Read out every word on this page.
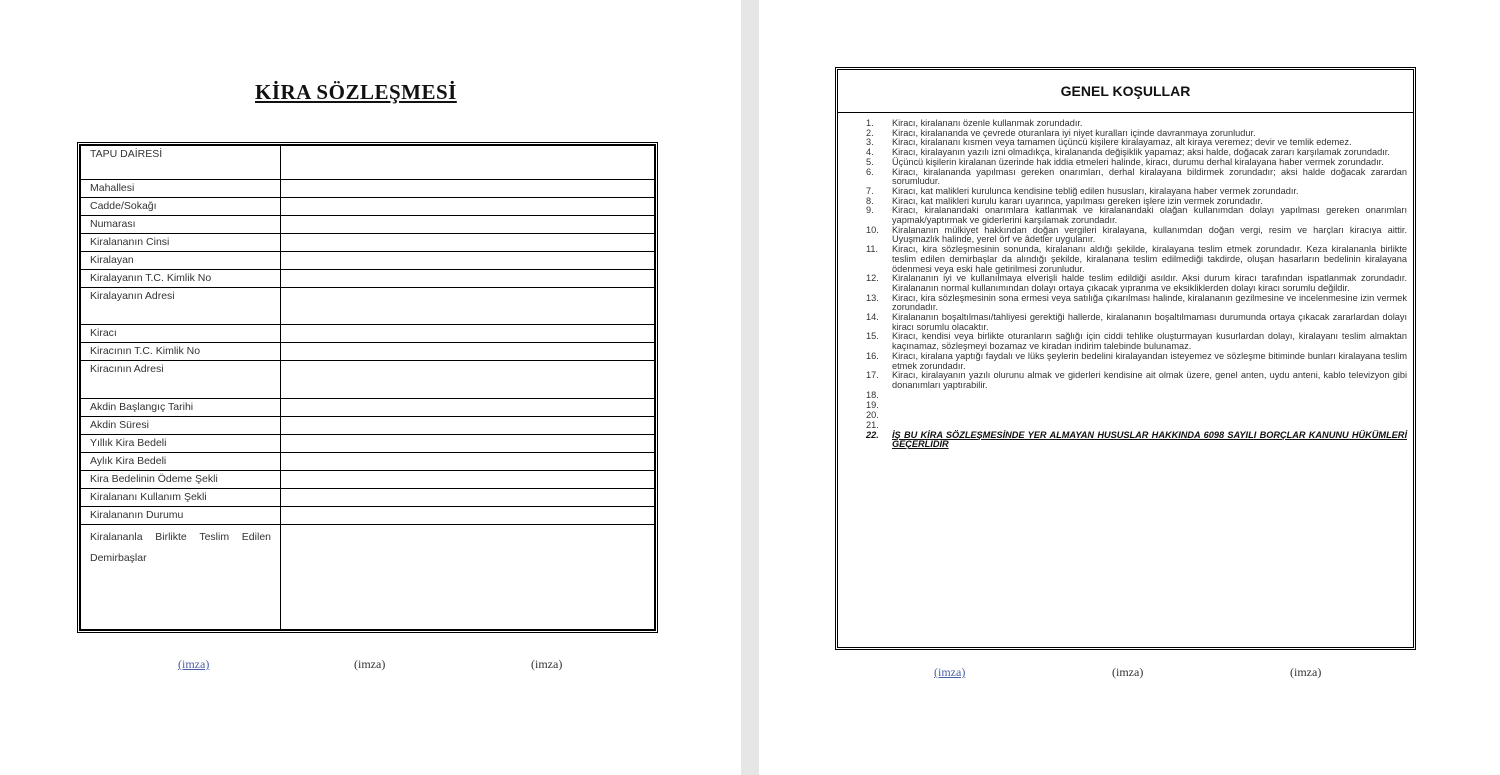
KİRA SÖZLEŞMESİ
TAPU DAİRESİ	
Mahallesi	
Cadde/Sokağı	
Numarası	
Kiralananın Cinsi	
Kiralayan	
Kiralayanın T.C. Kimlik No	
Kiralayanın Adresi	
Kiracı	
Kiracının T.C. Kimlik No	
Kiracının Adresi	
Akdin Başlangıç Tarihi	
Akdin Süresi	
Yıllık Kira Bedeli	
Aylık Kira Bedeli	
Kira Bedelinin Ödeme Şekli	
Kiralananı Kullanım Şekli	
Kiralananın Durumu	
Kiralananla Birlikte Teslim Edilen Demirbaşlar	
(imza)	(imza)	(imza)
GENEL KOŞULLAR
1. Kiracı, kiralananı özenle kullanmak zorundadır.
2. Kiracı, kiralananda ve çevrede oturanlara iyi niyet kuralları içinde davranmaya zorunludur.
3. Kiracı, kiralananı kısmen veya tamamen üçüncü kişilere kiralayamaz, alt kiraya veremez; devir ve temlik edemez.
4. Kiracı, kiralayanın yazılı izni olmadıkça, kiralananda değişiklik yapamaz; aksi halde, doğacak zararı karşılamak zorundadır.
5. Üçüncü kişilerin kiralanan üzerinde hak iddia etmeleri halinde, kiracı, durumu derhal kiralayana haber vermek zorundadır.
6. Kiracı, kiralananda yapılması gereken onarımları, derhal kiralayana bildirmek zorundadır; aksi halde doğacak zarardan sorumludur.
7. Kiracı, kat malikleri kurulunca kendisine tebliğ edilen hususları, kiralayana haber vermek zorundadır.
8. Kiracı, kat malikleri kurulu kararı uyarınca, yapılması gereken işlere izin vermek zorundadır.
9. Kiracı, kiralanandaki onarımlara katlanmak ve kiralanandaki olağan kullanımdan dolayı yapılması gereken onarımları yapmak/yaptırmak ve giderlerini karşılamak zorundadır.
10. Kiralananın mülkiyet hakkından doğan vergileri kiralayana, kullanımdan doğan vergi, resim ve harçları kiracıya aittir. Uyuşmazlık halinde, yerel örf ve âdetler uygulanır.
11. Kiracı, kira sözleşmesinin sonunda, kiralananı aldığı şekilde, kiralayana teslim etmek zorundadır. Keza kiralananla birlikte teslim edilen demirbaşlar da alındığı şekilde, kiralanana teslim edilmediği takdirde, oluşan hasarların bedelinin kiralayana ödenmesi veya eski hale getirilmesi zorunludur.
12. Kiralananın iyi ve kullanılmaya elverişli halde teslim edildiği asıldır. Aksi durum kiracı tarafından ispatlanmak zorundadır. Kiralananın normal kullanımından dolayı ortaya çıkacak yıpranma ve eksikliklerden dolayı kiracı sorumlu değildir.
13. Kiracı, kira sözleşmesinin sona ermesi veya satılığa çıkarılması halinde, kiralananın gezilmesine ve incelenmesine izin vermek zorundadır.
14. Kiralananın boşaltılması/tahliyesi gerektiği hallerde, kiralananın boşaltılmaması durumunda ortaya çıkacak zararlardan dolayı kiracı sorumlu olacaktır.
15. Kiracı, kendisi veya birlikte oturanların sağlığı için ciddi tehlike oluşturmayan kusurlardan dolayı, kiralayanı teslim almaktan kaçınamaz, sözleşmeyi bozamaz ve kiradan indirim talebinde bulunamaz.
16. Kiracı, kiralana yaptığı faydalı ve lüks şeylerin bedelini kiralayandan isteyemez ve sözleşme bitiminde bunları kiralayana teslim etmek zorundadır.
17. Kiracı, kiralayanın yazılı olurunu almak ve giderleri kendisine ait olmak üzere, genel anten, uydu anteni, kablo televizyon gibi donanımları yaptırabilir.
18.
19.
20.
21.
22. İŞ BU KİRA SÖZLEŞMESİNDE YER ALMAYAN HUSUSLAR HAKKINDA 6098 SAYILI BORÇLAR KANUNU HÜKÜMLERİ GEÇERLİDİR
(imza)	(imza)	(imza)
